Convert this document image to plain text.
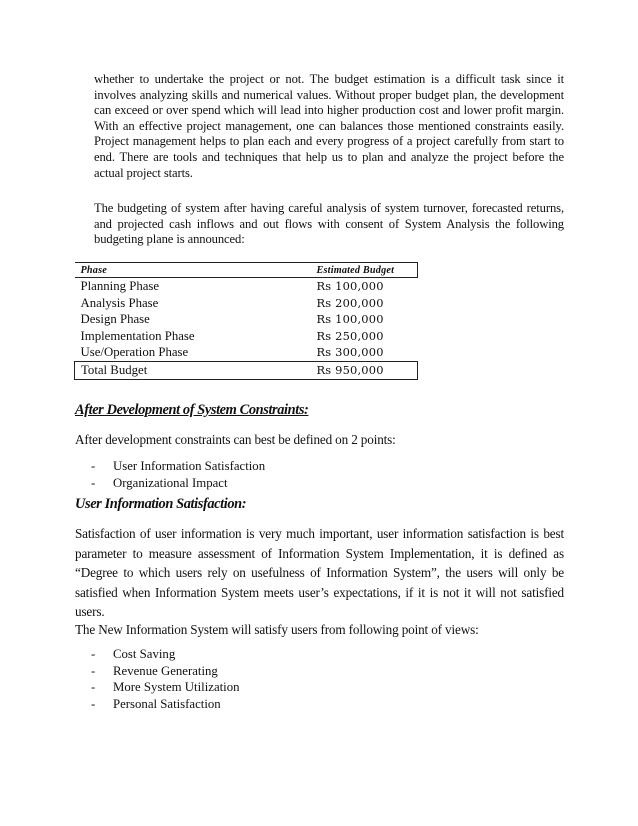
whether to undertake the project or not. The budget estimation is a difficult task since it involves analyzing skills and numerical values. Without proper budget plan, the development can exceed or over spend which will lead into higher production cost and lower profit margin. With an effective project management, one can balances those mentioned constraints easily. Project management helps to plan each and every progress of a project carefully from start to end. There are tools and techniques that help us to plan and analyze the project before the actual project starts.

The budgeting of system after having careful analysis of system turnover, forecasted returns, and projected cash inflows and out flows with consent of System Analysis the following budgeting plane is announced:

Phase	Estimated Budget
Planning Phase	Rs 100,000
Analysis Phase	Rs 200,000
Design Phase	Rs 100,000
Implementation Phase	Rs 250,000
Use/Operation Phase	Rs 300,000
Total Budget	Rs 950,000
After Development of System Constraints:

After development constraints can best be defined on 2 points:

-	User Information Satisfaction
-	Organizational Impact
User Information Satisfaction:

Satisfaction of user information is very much important, user information satisfaction is best parameter to measure assessment of Information System Implementation, it is defined as “Degree to which users rely on usefulness of Information System”, the users will only be satisfied when Information System meets user’s expectations, if it is not it will not satisfied users.

The New Information System will satisfy users from following point of views:

-	Cost Saving
-	Revenue Generating
-	More System Utilization
-	Personal Satisfaction
